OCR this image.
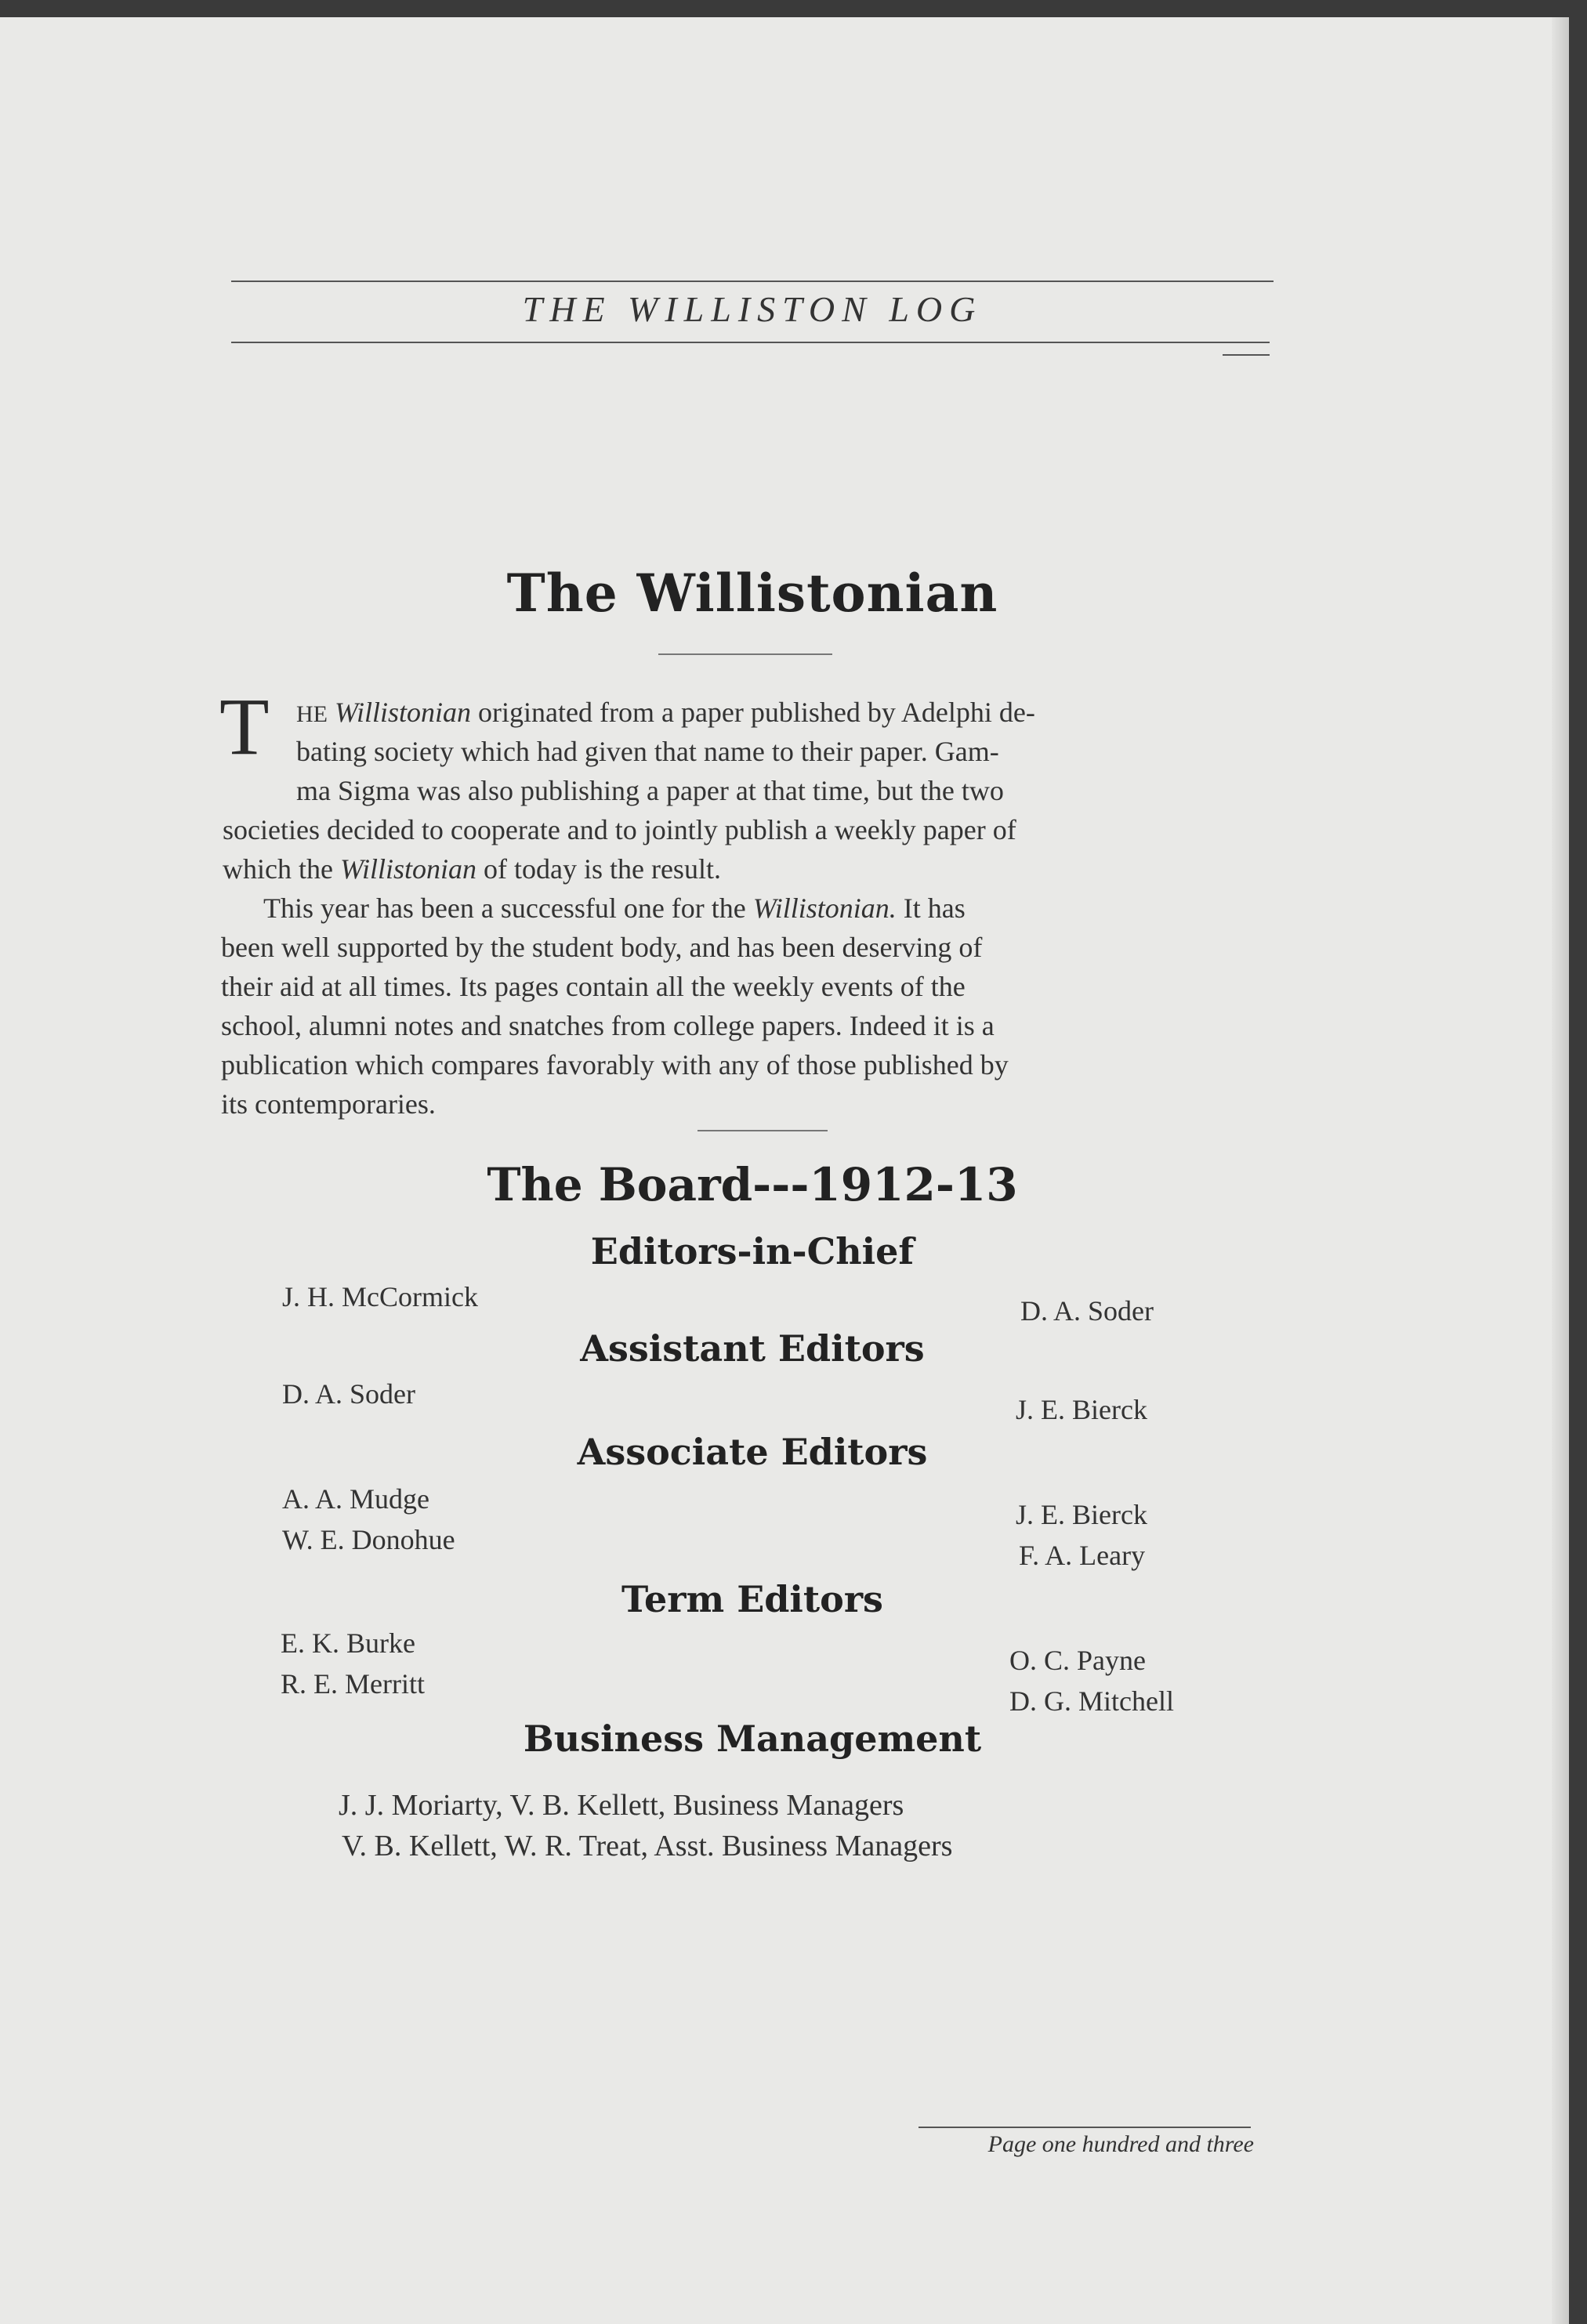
THE WILLISTON LOG
The Willistonian
T HE Willistonian originated from a paper published by Adelphi de-
bating society which had given that name to their paper. Gam-
ma Sigma was also publishing a paper at that time, but the two
societies decided to cooperate and to jointly publish a weekly paper of
which the Willistonian of today is the result.
This year has been a successful one for the Willistonian. It has
been well supported by the student body, and has been deserving of
their aid at all times. Its pages contain all the weekly events of the
school, alumni notes and snatches from college papers. Indeed it is a
publication which compares favorably with any of those published by
its contemporaries.
The Board---1912-13
Editors-in-Chief
J. H. McCormick	D. A. Soder
Assistant Editors
D. A. Soder	J. E. Bierck
Associate Editors
A. A. Mudge
W. E. Donohue
J. E. Bierck
F. A. Leary
Term Editors
E. K. Burke
R. E. Merritt
O. C. Payne
D. G. Mitchell
Business Management
J. J. Moriarty, V. B. Kellett, Business Managers
V. B. Kellett, W. R. Treat, Asst. Business Managers
Page one hundred and three
